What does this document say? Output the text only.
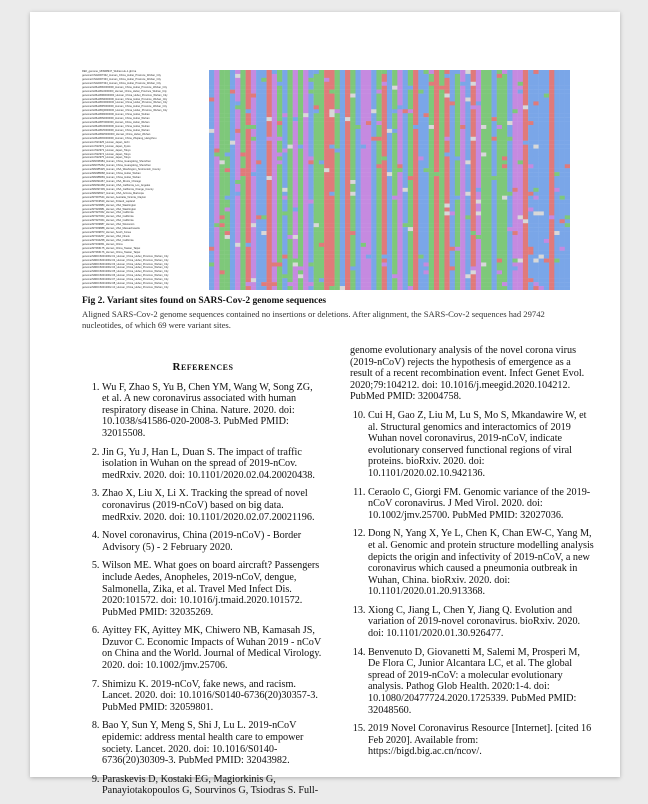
REF_genome_MN908947_Wuhan-Hu-1.gb.fna
genome/CNA0007332_Human_China_Hubei_Province_Wuhan_City
genome/CNA0007333_Human_China_Hubei_Province_Wuhan_City
genome/CNA0007334_Human_China_Hubei_Province_Wuhan_City
genome/GWHABK0000000_Human_China_Hubei_Province_Wuhan_City
genome/GWHABL0000000_Human_China_Hubei_Province_Wuhan_City
genome/GWHABM0000000_Human_China_Hubei_Province_Wuhan_City
genome/GWHABN0000000_Human_China_Hubei_Province_Wuhan_City
genome/GWHABO0000000_Human_China_Hubei_Province_Wuhan_City
genome/GWHABP0000000_Human_China_Hubei_Province_Wuhan_City
genome/GWHABQ0000000_Human_China_Hubei_Province_Wuhan_City
genome/GWHABR0000000_Human_China_Hubei_Wuhan
genome/GWHABS0000000_Human_China_Hubei_Wuhan
genome/GWHABT0000000_Human_China_Hubei_Wuhan
genome/GWHABU0000000_Human_China_Hubei_Wuhan
genome/GWHABV0000000_Human_China_Hubei_Wuhan
genome/GWHABW0000000_Human_China_Hubei_Wuhan
genome/GWHABX0000000_Human_China_Zhejiang_Hangzhou
genome/LC521925_Human_Japan_Aichi
genome/LC522972_Human_Japan_Kyoto
genome/LC522973_Human_Japan_Tokyo
genome/LC522974_Human_Japan_Tokyo
genome/LC522975_Human_Japan_Tokyo
genome/MN938384_Human_China_Guangdong_Shenzhen
genome/MN975262_Human_China_Guangdong_Shenzhen
genome/MN985325_Human_USA_Washington_Snohomish_County
genome/MN988668_Human_China_Hubei_Wuhan
genome/MN988669_Human_China_Hubei_Wuhan
genome/MN994467_Human_USA_Illinois_Chicago
genome/MN994468_Human_USA_California_Los_Angeles
genome/MN997409_Human_USA_California_Orange_County
genome/MN996527_Human_USA_Arizona_Maricopa
genome/MT007544_Human_Australia_Victoria_Clayton
genome/MT019529_Human_Finland_Lapland
genome/MT020880_Human_USA_Washington
genome/MT020881_Human_USA_Washington
genome/MT027062_Human_USA_California
genome/MT027063_Human_USA_California
genome/MT027064_Human_USA_California
genome/MT039887_Human_USA_Wisconsin
genome/MT039888_Human_USA_Massachusetts
genome/MT039873_Human_South_Korea
genome/MT044257_Human_USA_Illinois
genome/MT044258_Human_USA_California
genome/MT049951_Human_China
genome/MT066175_Human_China_Taiwan_Taipei
genome/MT066176_Human_China_Taiwan_Taipei
genome/NMDC60013002-01_Human_China_Hubei_Province_Wuhan_City
genome/NMDC60013002-02_Human_China_Hubei_Province_Wuhan_City
genome/NMDC60013002-03_Human_China_Hubei_Province_Wuhan_City
genome/NMDC60013002-04_Human_China_Hubei_Province_Wuhan_City
genome/NMDC60013002-05_Human_China_Hubei_Province_Wuhan_City
genome/NMDC60013002-06_Human_China_Hubei_Province_Wuhan_City
genome/NMDC60013002-07_Human_China_Hubei_Province_Wuhan_City
genome/NMDC60013002-08_Human_China_Hubei_Province_Wuhan_City
genome/NMDC60013002-10_Human_China_Hubei_Province_Wuhan_City
Fig 2. Variant sites found on SARS-Cov-2 genome sequences
Aligned SARS-Cov-2 genome sequences contained no insertions or deletions. After alignment, the SARS-Cov-2 sequences had 29742 nucleotides, of which 69 were variant sites.
References
1. Wu F, Zhao S, Yu B, Chen YM, Wang W, Song ZG, et al. A new coronavirus associated with human respiratory disease in China. Nature. 2020. doi: 10.1038/s41586-020-2008-3. PubMed PMID: 32015508.
2. Jin G, Yu J, Han L, Duan S. The impact of traffic isolation in Wuhan on the spread of 2019-nCov. medRxiv. 2020. doi: 10.1101/2020.02.04.20020438.
3. Zhao X, Liu X, Li X. Tracking the spread of novel coronavirus (2019-nCoV) based on big data. medRxiv. 2020. doi: 10.1101/2020.02.07.20021196.
4. Novel coronavirus, China (2019-nCoV) - Border Advisory (5) - 2 February 2020.
5. Wilson ME. What goes on board aircraft? Passengers include Aedes, Anopheles, 2019-nCoV, dengue, Salmonella, Zika, et al. Travel Med Infect Dis. 2020:101572. doi: 10.1016/j.tmaid.2020.101572. PubMed PMID: 32035269.
6. Ayittey FK, Ayittey MK, Chiwero NB, Kamasah JS, Dzuvor C. Economic Impacts of Wuhan 2019 - nCoV on China and the World. Journal of Medical Virology. 2020. doi: 10.1002/jmv.25706.
7. Shimizu K. 2019-nCoV, fake news, and racism. Lancet. 2020. doi: 10.1016/S0140-6736(20)30357-3. PubMed PMID: 32059801.
8. Bao Y, Sun Y, Meng S, Shi J, Lu L. 2019-nCoV epidemic: address mental health care to empower society. Lancet. 2020. doi: 10.1016/S0140-6736(20)30309-3. PubMed PMID: 32043982.
9. Paraskevis D, Kostaki EG, Magiorkinis G, Panayiotakopoulos G, Sourvinos G, Tsiodras S. Full-
genome evolutionary analysis of the novel corona virus (2019-nCoV) rejects the hypothesis of emergence as a result of a recent recombination event. Infect Genet Evol. 2020;79:104212. doi: 10.1016/j.meegid.2020.104212. PubMed PMID: 32004758.
10. Cui H, Gao Z, Liu M, Lu S, Mo S, Mkandawire W, et al. Structural genomics and interactomics of 2019 Wuhan novel coronavirus, 2019-nCoV, indicate evolutionary conserved functional regions of viral proteins. bioRxiv. 2020. doi: 10.1101/2020.02.10.942136.
11. Ceraolo C, Giorgi FM. Genomic variance of the 2019-nCoV coronavirus. J Med Virol. 2020. doi: 10.1002/jmv.25700. PubMed PMID: 32027036.
12. Dong N, Yang X, Ye L, Chen K, Chan EW-C, Yang M, et al. Genomic and protein structure modelling analysis depicts the origin and infectivity of 2019-nCoV, a new coronavirus which caused a pneumonia outbreak in Wuhan, China. bioRxiv. 2020. doi: 10.1101/2020.01.20.913368.
13. Xiong C, Jiang L, Chen Y, Jiang Q. Evolution and variation of 2019-novel coronavirus. bioRxiv. 2020. doi: 10.1101/2020.01.30.926477.
14. Benvenuto D, Giovanetti M, Salemi M, Prosperi M, De Flora C, Junior Alcantara LC, et al. The global spread of 2019-nCoV: a molecular evolutionary analysis. Pathog Glob Health. 2020:1-4. doi: 10.1080/20477724.2020.1725339. PubMed PMID: 32048560.
15. 2019 Novel Coronavirus Resource [Internet]. [cited 16 Feb 2020]. Available from: https://bigd.big.ac.cn/ncov/.
